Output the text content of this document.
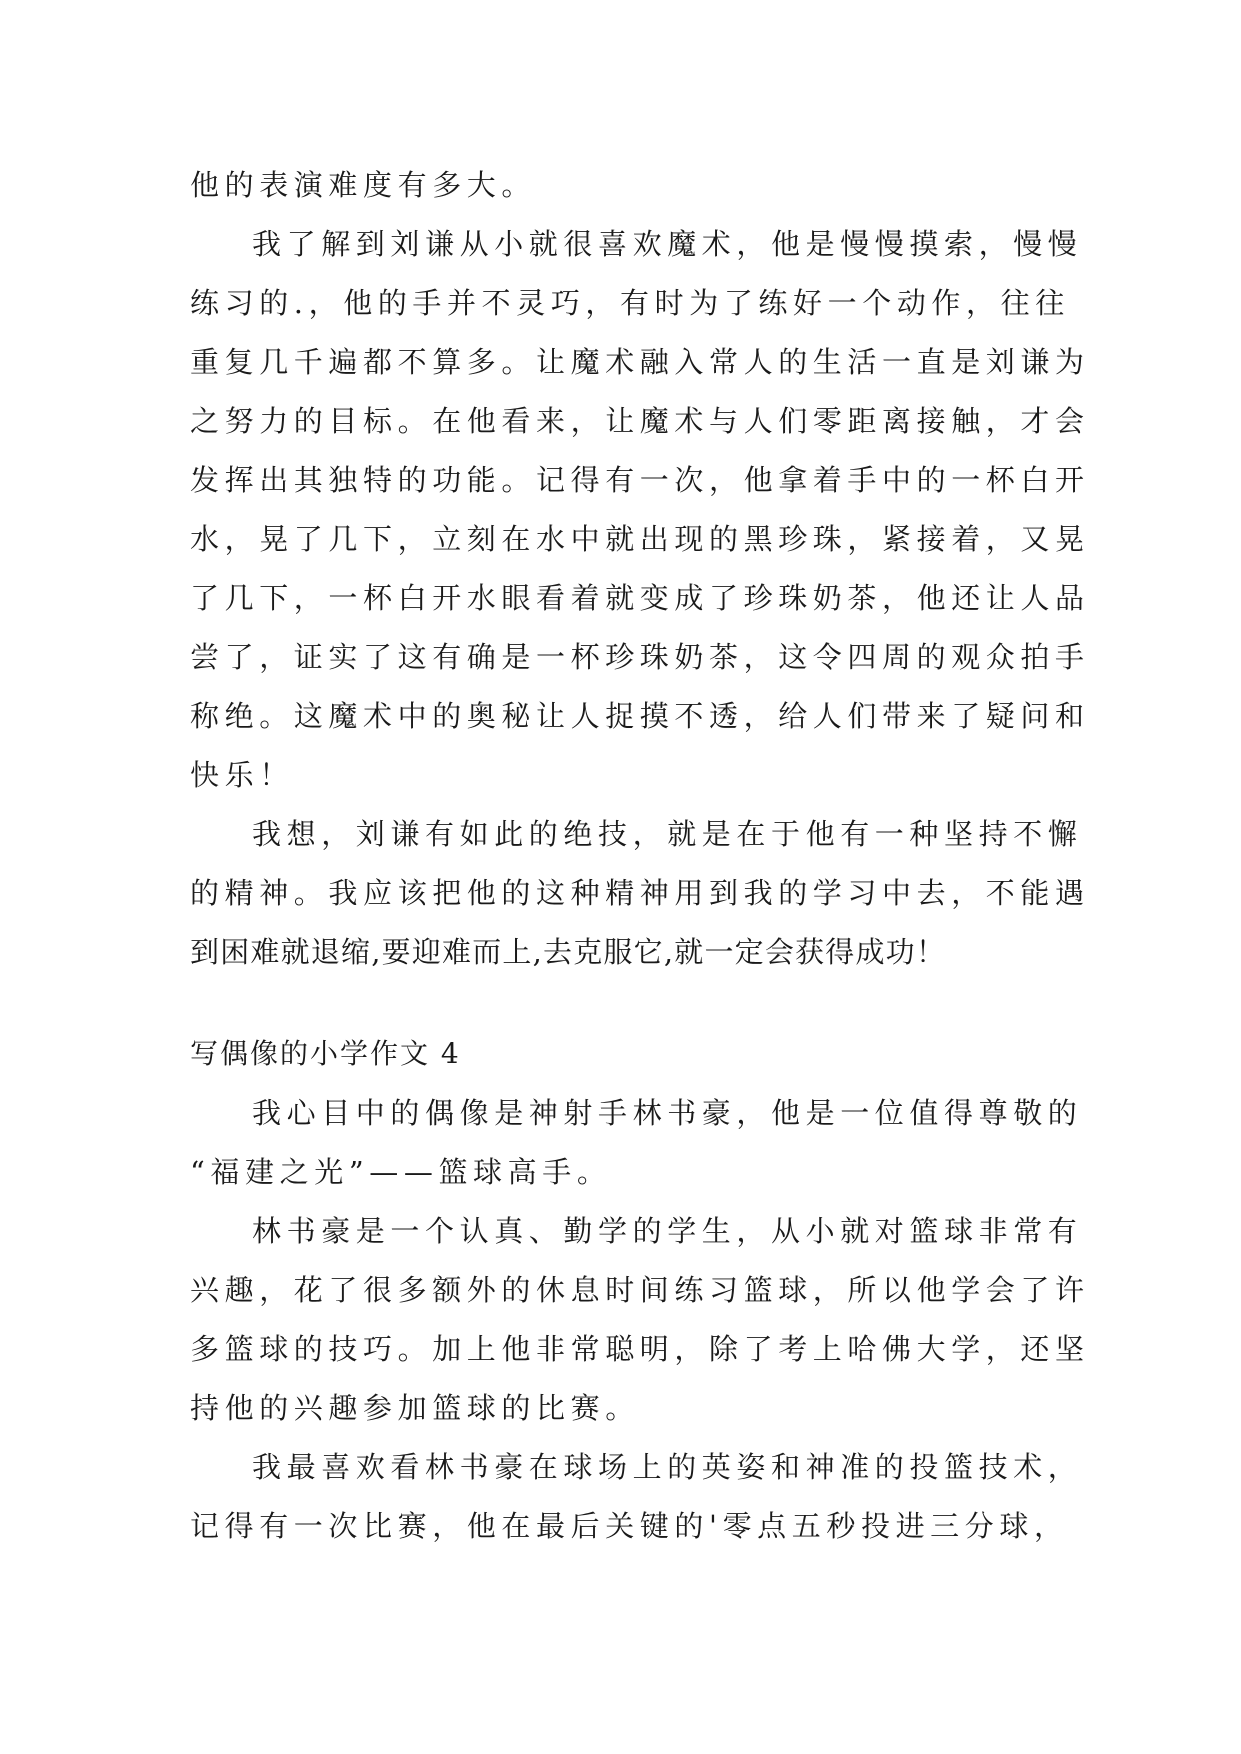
他的表演难度有多大。
我了解到刘谦从小就很喜欢魔术，他是慢慢摸索，慢慢
练习的.，他的手并不灵巧，有时为了练好一个动作，往往
重复几千遍都不算多。让魔术融入常人的生活一直是刘谦为
之努力的目标。在他看来，让魔术与人们零距离接触，才会
发挥出其独特的功能。记得有一次，他拿着手中的一杯白开
水，晃了几下，立刻在水中就出现的黑珍珠，紧接着，又晃
了几下，一杯白开水眼看着就变成了珍珠奶茶，他还让人品
尝了，证实了这有确是一杯珍珠奶茶，这令四周的观众拍手
称绝。这魔术中的奥秘让人捉摸不透，给人们带来了疑问和
快乐！
我想，刘谦有如此的绝技，就是在于他有一种坚持不懈
的精神。我应该把他的这种精神用到我的学习中去，不能遇
到困难就退缩,要迎难而上,去克服它,就一定会获得成功！
写偶像的小学作文 4
我心目中的偶像是神射手林书豪，他是一位值得尊敬的
“福建之光”——篮球高手。
林书豪是一个认真、勤学的学生，从小就对篮球非常有
兴趣，花了很多额外的休息时间练习篮球，所以他学会了许
多篮球的技巧。加上他非常聪明，除了考上哈佛大学，还坚
持他的兴趣参加篮球的比赛。
我最喜欢看林书豪在球场上的英姿和神准的投篮技术，
记得有一次比赛，他在最后关键的'零点五秒投进三分球，
